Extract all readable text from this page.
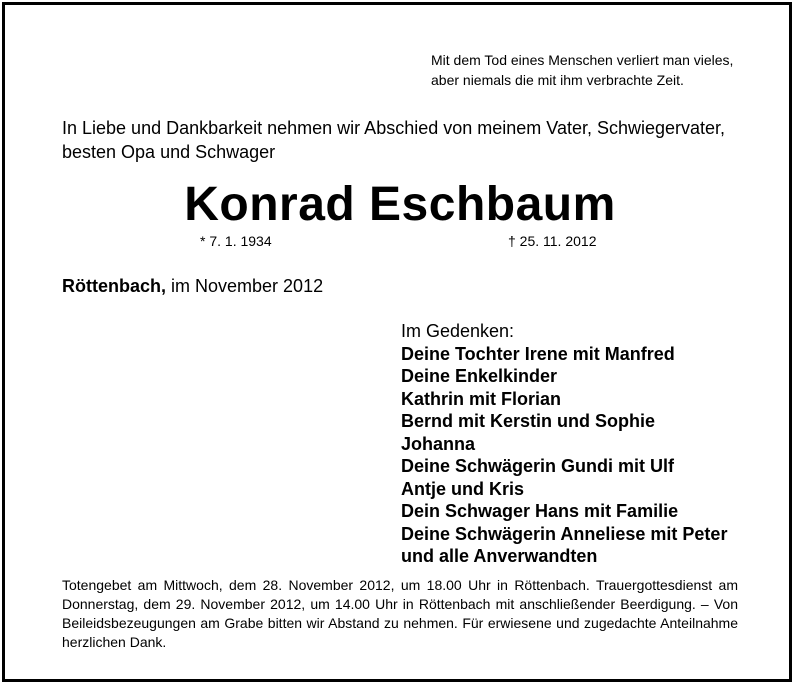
Mit dem Tod eines Menschen verliert man vieles,
aber niemals die mit ihm verbrachte Zeit.
In Liebe und Dankbarkeit nehmen wir Abschied von meinem Vater, Schwiegervater,
besten Opa und Schwager
Konrad Eschbaum
* 7. 1. 1934	† 25. 11. 2012
Röttenbach, im November 2012
Im Gedenken:
Deine Tochter Irene mit Manfred
Deine Enkelkinder
Kathrin mit Florian
Bernd mit Kerstin und Sophie
Johanna
Deine Schwägerin Gundi mit Ulf
Antje und Kris
Dein Schwager Hans mit Familie
Deine Schwägerin Anneliese mit Peter
und alle Anverwandten
Totengebet am Mittwoch, dem 28. November 2012, um 18.00 Uhr in Röttenbach. Trauergottesdienst am Donnerstag, dem 29. November 2012, um 14.00 Uhr in Röttenbach mit anschließender Beerdigung. – Von Beileidsbezeugungen am Grabe bitten wir Abstand zu nehmen. Für erwiesene und zugedachte Anteilnahme herzlichen Dank.
